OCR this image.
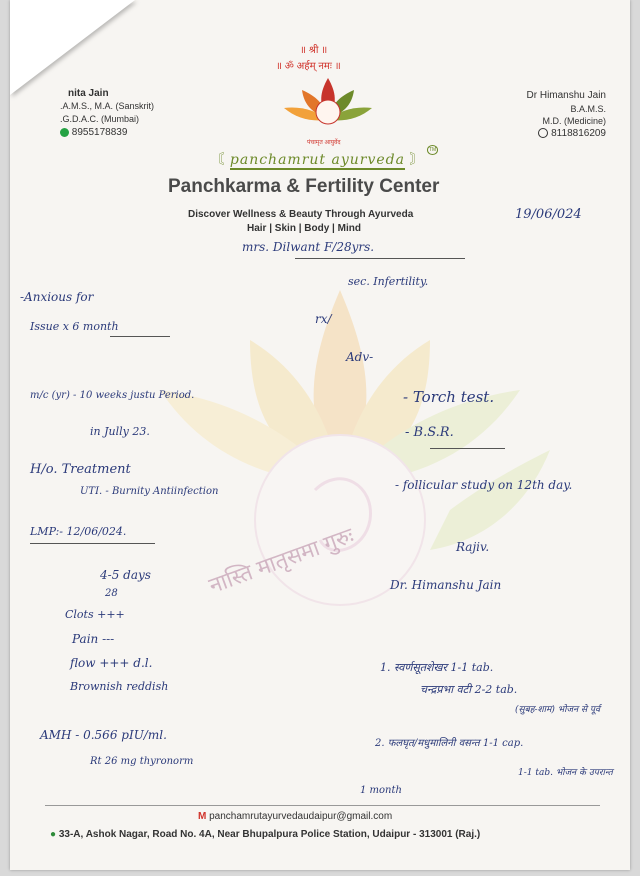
नास्ति मातृसमा गुरुः
॥ श्री ॥
॥ ॐ अर्हम् नमः ॥
nita Jain
.A.M.S., M.A. (Sanskrit)
.G.D.A.C. (Mumbai)
8955178839
Dr Himanshu Jain
B.A.M.S.
M.D. (Medicine)
8118816209
पंचामृत आयुर्वेद
〘 panchamrut ayurveda 〙
TM
Panchkarma & Fertility Center
Discover Wellness & Beauty Through Ayurveda
Hair | Skin | Body | Mind
19/06/024
mrs. Dilwant F/28yrs.
sec. Infertility.
-Anxious for
Issue x 6 month
m/c (yr) - 10 weeks justu Period.
in Jully 23.
H/o. Treatment
UTI. - Burnity Antiinfection
LMP:- 12/06/024.
4-5 days
28
Clots +++
Pain ---
flow +++ d.l.
Brownish reddish
AMH - 0.566 pIU/ml.
Rt 26 mg thyronorm
rx/
Adv-
- Torch test.
- B.S.R.
- follicular study on 12th day.
Rajiv.
Dr. Himanshu Jain
1. स्वर्णसूतशेखर 1-1 tab.
चन्द्रप्रभा वटी 2-2 tab.
(सुबह-शाम) भोजन से पूर्व
2. फलघृत/मधुमालिनी वसन्त 1-1 cap.
1-1 tab. भोजन के उपरान्त
1 month
M panchamrutayurvedaudaipur@gmail.com
● 33-A, Ashok Nagar, Road No. 4A, Near Bhupalpura Police Station, Udaipur - 313001 (Raj.)
